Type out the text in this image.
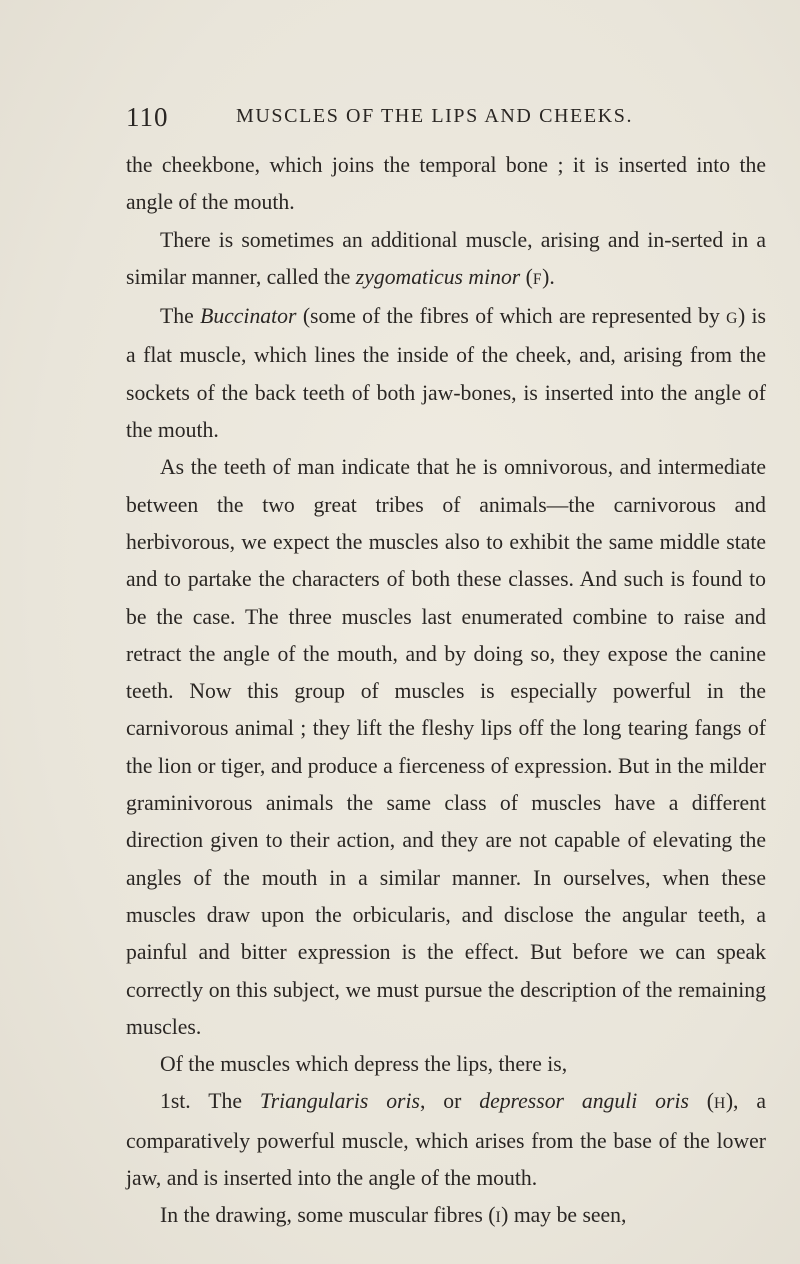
110	MUSCLES OF THE LIPS AND CHEEKS.

the cheekbone, which joins the temporal bone ; it is inserted into the angle of the mouth.

There is sometimes an additional muscle, arising and in-serted in a similar manner, called the zygomaticus minor (F).

The Buccinator (some of the fibres of which are represented by G) is a flat muscle, which lines the inside of the cheek, and, arising from the sockets of the back teeth of both jaw-bones, is inserted into the angle of the mouth.

As the teeth of man indicate that he is omnivorous, and intermediate between the two great tribes of animals—the carnivorous and herbivorous, we expect the muscles also to exhibit the same middle state and to partake the characters of both these classes. And such is found to be the case. The three muscles last enumerated combine to raise and retract the angle of the mouth, and by doing so, they expose the canine teeth. Now this group of muscles is especially powerful in the carnivorous animal ; they lift the fleshy lips off the long tearing fangs of the lion or tiger, and produce a fierceness of expression. But in the milder graminivorous animals the same class of muscles have a different direction given to their action, and they are not capable of elevating the angles of the mouth in a similar manner. In ourselves, when these muscles draw upon the orbicularis, and disclose the angular teeth, a painful and bitter expression is the effect. But before we can speak correctly on this subject, we must pursue the description of the remaining muscles.

Of the muscles which depress the lips, there is,

1st. The Triangularis oris, or depressor anguli oris (H), a comparatively powerful muscle, which arises from the base of the lower jaw, and is inserted into the angle of the mouth.

In the drawing, some muscular fibres (I) may be seen,
